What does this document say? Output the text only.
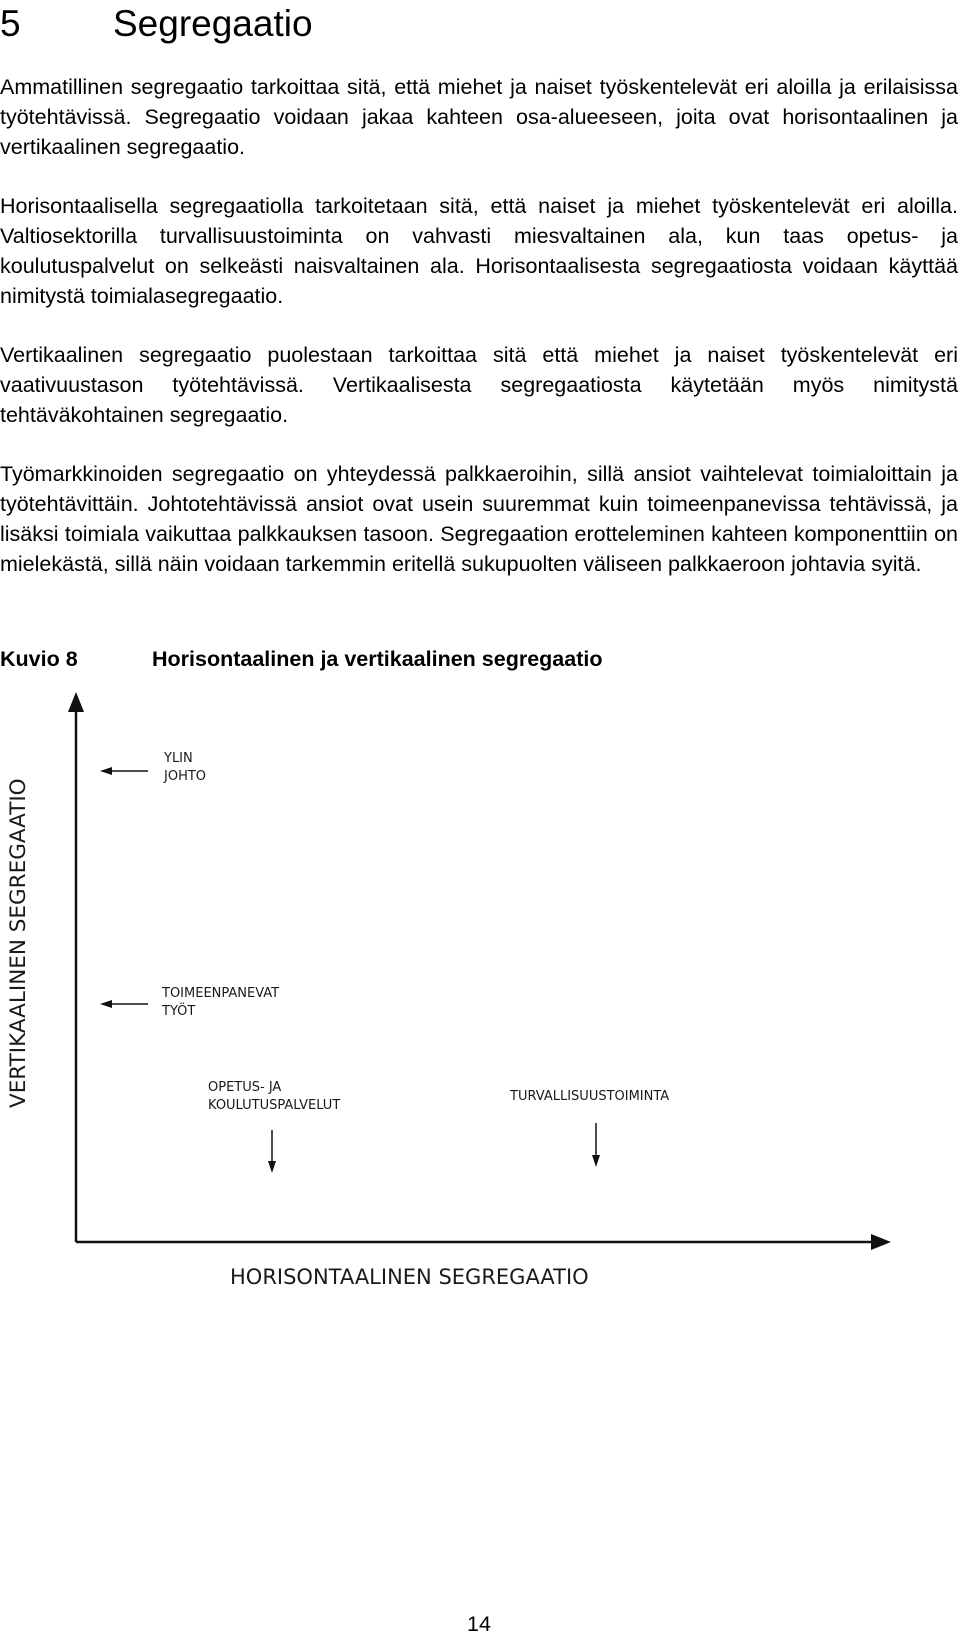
5 Segregaatio

Ammatillinen segregaatio tarkoittaa sitä, että miehet ja naiset työskentelevät eri aloilla ja erilaisissa työtehtävissä. Segregaatio voidaan jakaa kahteen osa-alueeseen, joita ovat horisontaalinen ja vertikaalinen segregaatio.

Horisontaalisella segregaatiolla tarkoitetaan sitä, että naiset ja miehet työskentelevät eri aloilla. Valtiosektorilla turvallisuustoiminta on vahvasti miesvaltainen ala, kun taas opetus- ja koulutuspalvelut on selkeästi naisvaltainen ala. Horisontaalisesta segregaatiosta voidaan käyttää nimitystä toimialasegregaatio.

Vertikaalinen segregaatio puolestaan tarkoittaa sitä että miehet ja naiset työskentelevät eri vaativuustason työtehtävissä. Vertikaalisesta segregaatiosta käytetään myös nimitystä tehtäväkohtainen segregaatio.

Työmarkkinoiden segregaatio on yhteydessä palkkaeroihin, sillä ansiot vaihtelevat toimialoittain ja työtehtävittäin. Johtotehtävissä ansiot ovat usein suuremmat kuin toimeenpanevissa tehtävissä, ja lisäksi toimiala vaikuttaa palkkauksen tasoon. Segregaation erotteleminen kahteen komponenttiin on mielekästä, sillä näin voidaan tarkemmin eritellä sukupuolten väliseen palkkaeroon johtavia syitä.

Kuvio 8	Horisontaalinen ja vertikaalinen segregaatio
YLIN
JOHTO
TOIMEENPANEVAT
TYÖT
OPETUS- JA
KOULUTUSPALVELUT
TURVALLISUUSTOIMINTA
VERTIKAALINEN SEGREGAATIO
HORISONTAALINEN SEGREGAATIO
14
